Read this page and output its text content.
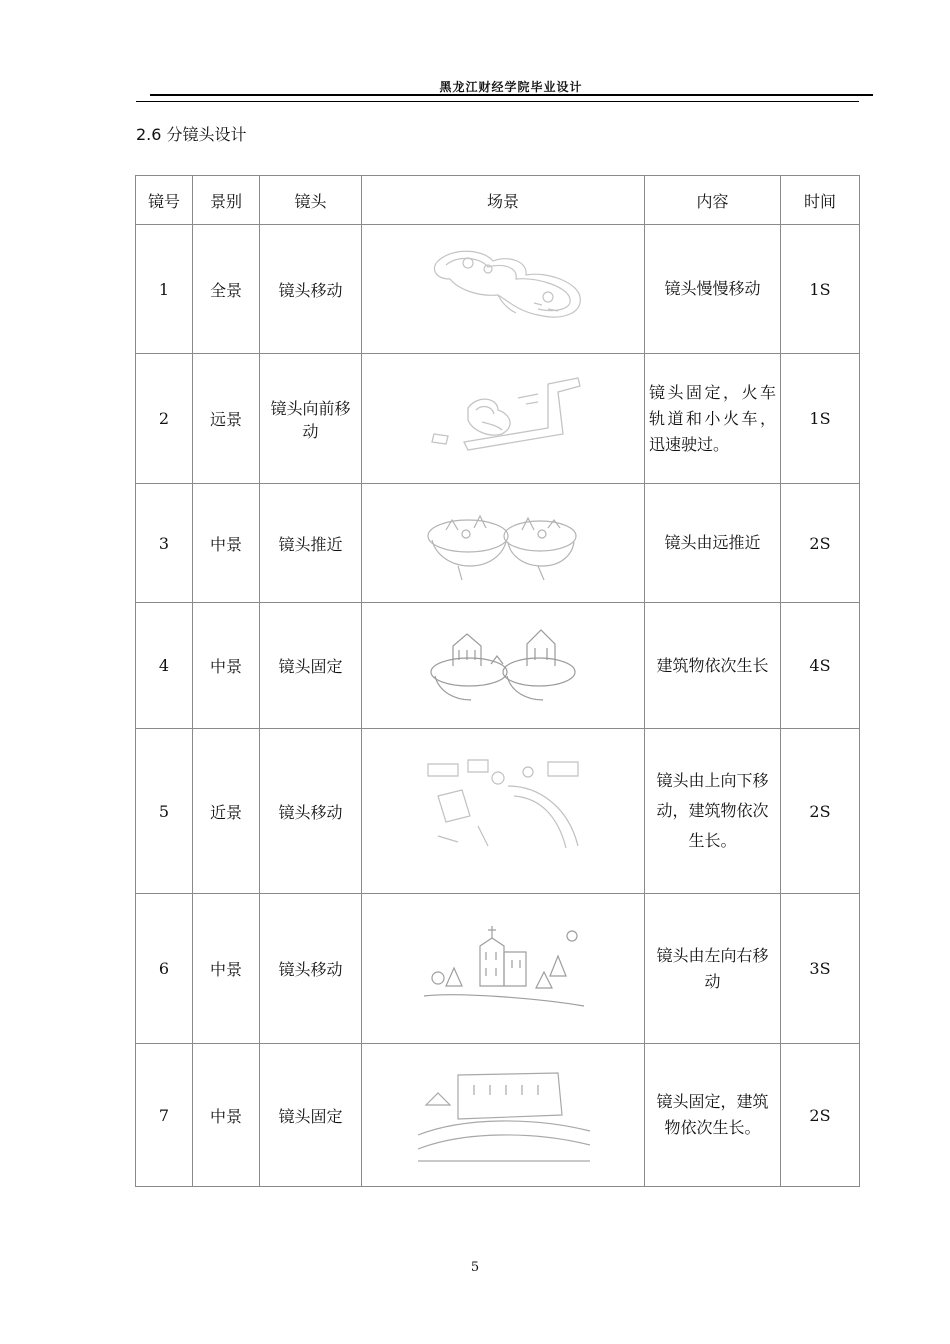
黑龙江财经学院毕业设计
2.6 分镜头设计
镜号	景别	镜头	场景	内容	时间
1	全景	镜头移动		镜头慢慢移动	1S
2	远景	镜头向前移动		镜头固定，火车轨道和小火车， 迅速驶过。	1S
3	中景	镜头推近		镜头由远推近	2S
4	中景	镜头固定		建筑物依次生长	4S
5	近景	镜头移动		镜头由上向下移动，建筑物依次生长。	2S
6	中景	镜头移动		镜头由左向右移动	3S
7	中景	镜头固定		镜头固定，建筑物依次生长。	2S
5
